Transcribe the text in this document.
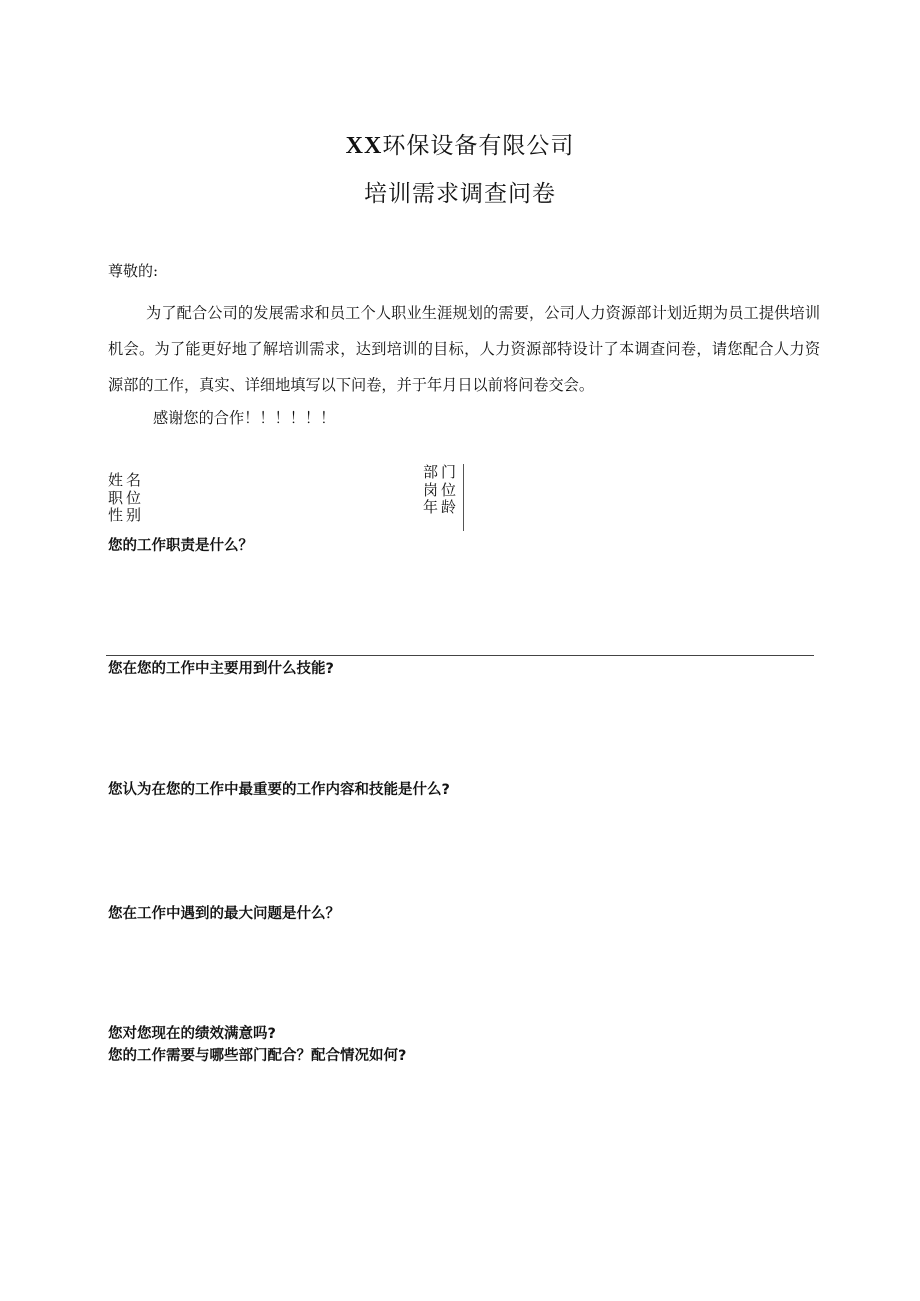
XX环保设备有限公司
培训需求调查问卷
尊敬的:

为了配合公司的发展需求和员工个人职业生涯规划的需要，公司人力资源部计划近期为员工提供培训机会。为了能更好地了解培训需求，达到培训的目标，人力资源部特设计了本调查问卷，请您配合人力资源部的工作，真实、详细地填写以下问卷，并于年月日以前将问卷交会。

感谢您的合作！！！！！！
姓名
职位
性别
部门
岗位
年龄
您的工作职责是什么？
您在您的工作中主要用到什么技能?
您认为在您的工作中最重要的工作内容和技能是什么?
您在工作中遇到的最大问题是什么？
您对您现在的绩效满意吗?
您的工作需要与哪些部门配合？配合情况如何?
